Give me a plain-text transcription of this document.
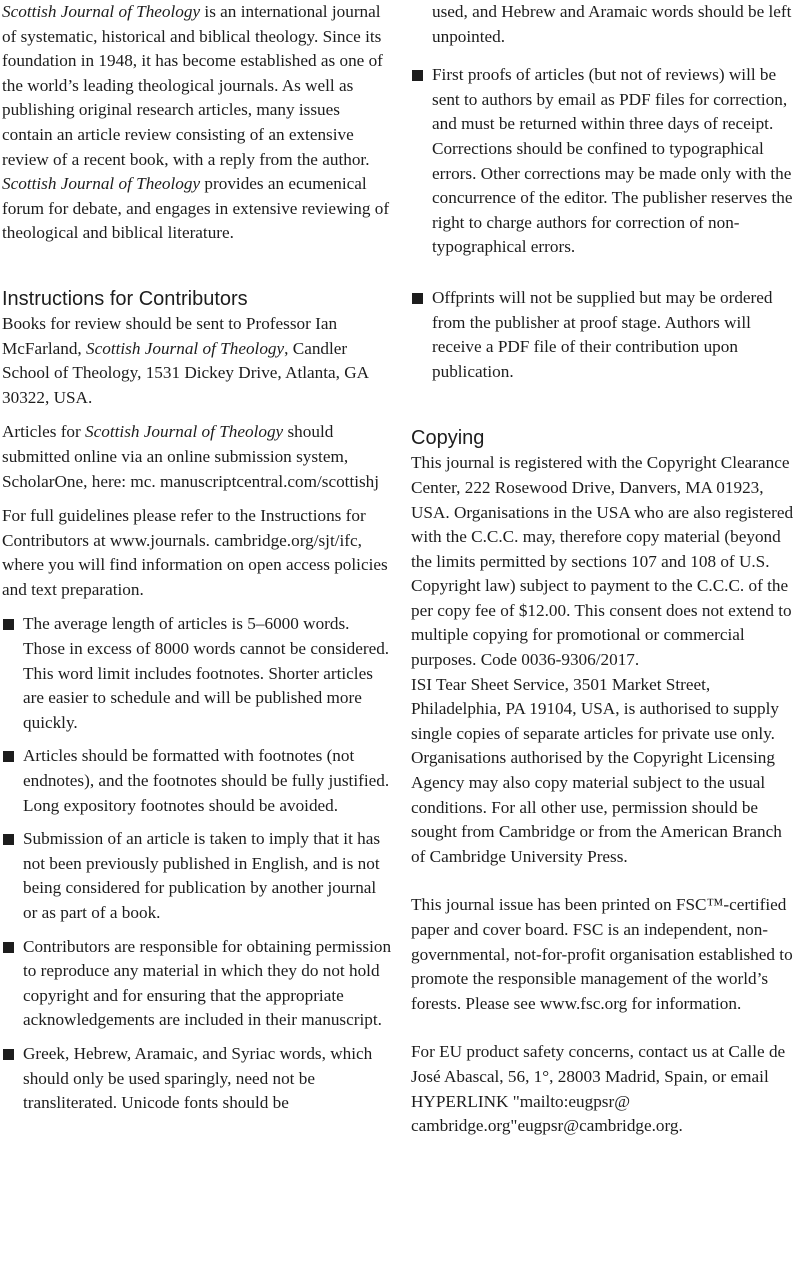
Scottish Journal of Theology is an international journal of systematic, historical and biblical theology. Since its foundation in 1948, it has become established as one of the world’s leading theological journals. As well as publishing original research articles, many issues contain an article review consisting of an extensive review of a recent book, with a reply from the author. Scottish Journal of Theology provides an ecumenical forum for debate, and engages in extensive reviewing of theological and biblical literature.

Instructions for Contributors

Books for review should be sent to Professor Ian McFarland, Scottish Journal of Theology, Candler School of Theology, 1531 Dickey Drive, Atlanta, GA 30322, USA.

Articles for Scottish Journal of Theology should submitted online via an online submission system, ScholarOne, here: mc. manuscriptcentral.com/scottishj

For full guidelines please refer to the Instructions for Contributors at www.journals. cambridge.org/sjt/ifc, where you will find information on open access policies and text preparation.

The average length of articles is 5–6000 words. Those in excess of 8000 words cannot be considered. This word limit includes footnotes. Shorter articles are easier to schedule and will be published more quickly.

Articles should be formatted with footnotes (not endnotes), and the footnotes should be fully justified. Long expository footnotes should be avoided.

Submission of an article is taken to imply that it has not been previously published in English, and is not being considered for publication by another journal or as part of a book.

Contributors are responsible for obtaining permission to reproduce any material in which they do not hold copyright and for ensuring that the appropriate acknowledgements are included in their manuscript.

Greek, Hebrew, Aramaic, and Syriac words, which should only be used sparingly, need not be transliterated. Unicode fonts should be

used, and Hebrew and Aramaic words should be left unpointed.

First proofs of articles (but not of reviews) will be sent to authors by email as PDF files for correction, and must be returned within three days of receipt. Corrections should be confined to typographical errors. Other corrections may be made only with the concurrence of the editor. The publisher reserves the right to charge authors for correction of non-typographical errors.

Offprints will not be supplied but may be ordered from the publisher at proof stage. Authors will receive a PDF file of their contribution upon publication.

Copying

This journal is registered with the Copyright Clearance Center, 222 Rosewood Drive, Danvers, MA 01923, USA. Organisations in the USA who are also registered with the C.C.C. may, therefore copy material (beyond the limits permitted by sections 107 and 108 of U.S. Copyright law) subject to payment to the C.C.C. of the per copy fee of $12.00. This consent does not extend to multiple copying for promotional or commercial purposes. Code 0036-9306/2017.

ISI Tear Sheet Service, 3501 Market Street, Philadelphia, PA 19104, USA, is authorised to supply single copies of separate articles for private use only. Organisations authorised by the Copyright Licensing Agency may also copy material subject to the usual conditions. For all other use, permission should be sought from Cambridge or from the American Branch of Cambridge University Press.

This journal issue has been printed on FSC™-certified paper and cover board. FSC is an independent, non-governmental, not-for-profit organisation established to promote the responsible management of the world’s forests. Please see www.fsc.org for information.

For EU product safety concerns, contact us at Calle de José Abascal, 56, 1°, 28003 Madrid, Spain, or email HYPERLINK "mailto:eugpsr@ cambridge.org"eugpsr@cambridge.org.
